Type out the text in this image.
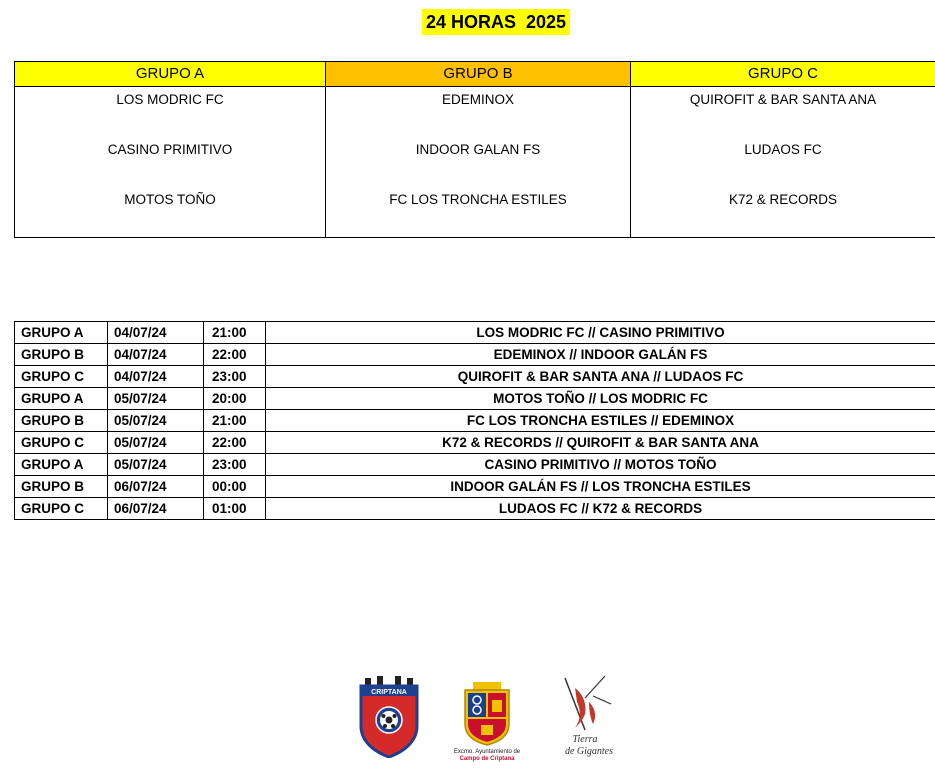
24 HORAS  2025
GRUPO A	GRUPO B	GRUPO C
LOS MODRIC FC	EDEMINOX	QUIROFIT & BAR SANTA ANA
CASINO PRIMITIVO	INDOOR GALAN FS	LUDAOS FC
MOTOS TOÑO	FC LOS TRONCHA ESTILES	K72 & RECORDS
GRUPO A	04/07/24	21:00	LOS MODRIC FC // CASINO PRIMITIVO
GRUPO B	04/07/24	22:00	EDEMINOX // INDOOR GALÁN FS
GRUPO C	04/07/24	23:00	QUIROFIT & BAR SANTA ANA // LUDAOS FC
GRUPO A	05/07/24	20:00	MOTOS TOÑO // LOS MODRIC FC
GRUPO B	05/07/24	21:00	FC LOS TRONCHA ESTILES // EDEMINOX
GRUPO C	05/07/24	22:00	K72 & RECORDS // QUIROFIT & BAR SANTA ANA
GRUPO A	05/07/24	23:00	CASINO PRIMITIVO // MOTOS TOÑO
GRUPO B	06/07/24	00:00	INDOOR GALÁN FS // LOS TRONCHA ESTILES
GRUPO C	06/07/24	01:00	LUDAOS FC // K72 & RECORDS
CRIPTANA
Excmo. Ayuntamiento de
Campo de Criptana
Tierra
de Gigantes
